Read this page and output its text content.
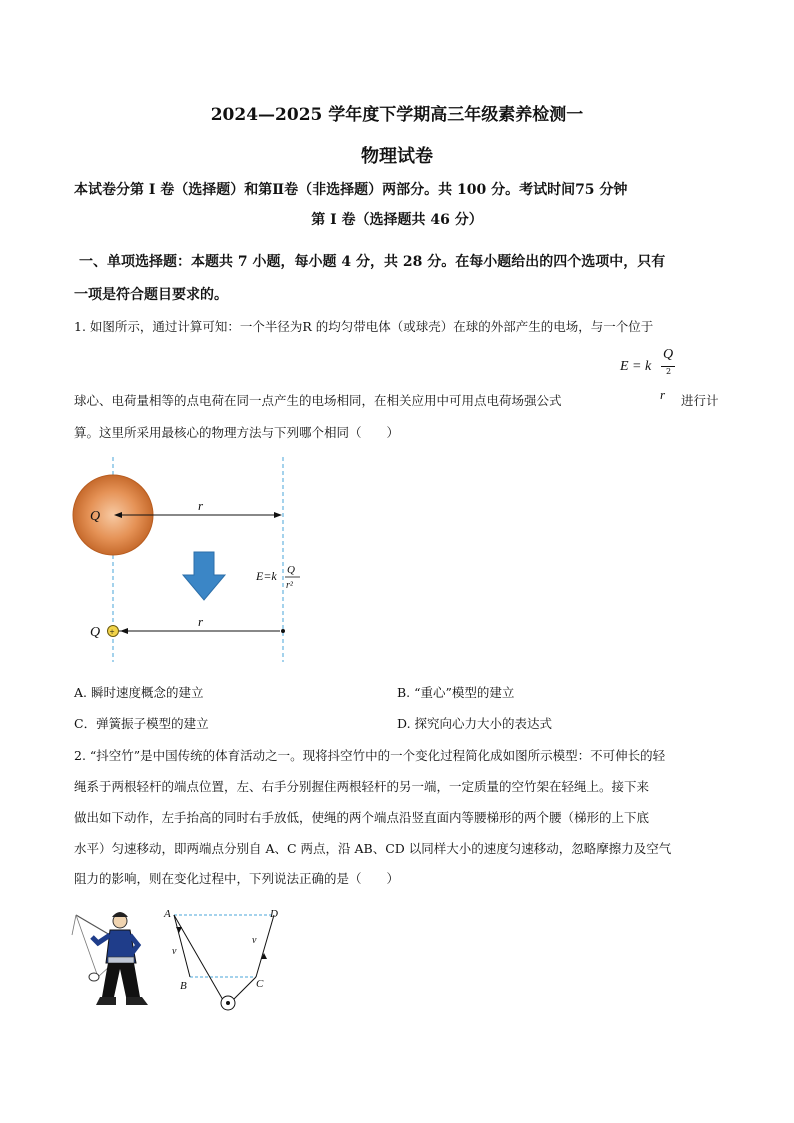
2024—2025 学年度下学期高三年级素养检测一
物理试卷
本试卷分第 I 卷（选择题）和第Ⅱ卷（非选择题）两部分。共 100 分。考试时间75 分钟
第 I 卷（选择题共 46 分）
一、单项选择题：本题共 7 小题，每小题 4 分，共 28 分。在每小题给出的四个选项中，只有
一项是符合题目要求的。
1. 如图所示，通过计算可知：一个半径为R 的均匀带电体（或球壳）在球的外部产生的电场，与一个位于
E = k
Q
2
球心、电荷量相等的点电荷在同一点产生的电场相同，在相关应用中可用点电荷场强公式	r 进行计
算。这里所采用最核心的物理方法与下列哪个相同（　　）
Q
r
E=k Q
r²
Q +
r
A. 瞬时速度概念的建立	B. “重心”模型的建立
C．弹簧振子模型的建立	D. 探究向心力大小的表达式
2. “抖空竹”是中国传统的体育活动之一。现将抖空竹中的一个变化过程简化成如图所示模型：不可伸长的轻
绳系于两根轻杆的端点位置，左、右手分别握住两根轻杆的另一端，一定质量的空竹架在轻绳上。接下来
做出如下动作，左手抬高的同时右手放低，使绳的两个端点沿竖直面内等腰梯形的两个腰（梯形的上下底
水平）匀速移动，即两端点分别自 A、C 两点，沿 AB、CD 以同样大小的速度匀速移动，忽略摩擦力及空气
阻力的影响，则在变化过程中，下列说法正确的是（　　）
A	D
B	C
v
v
